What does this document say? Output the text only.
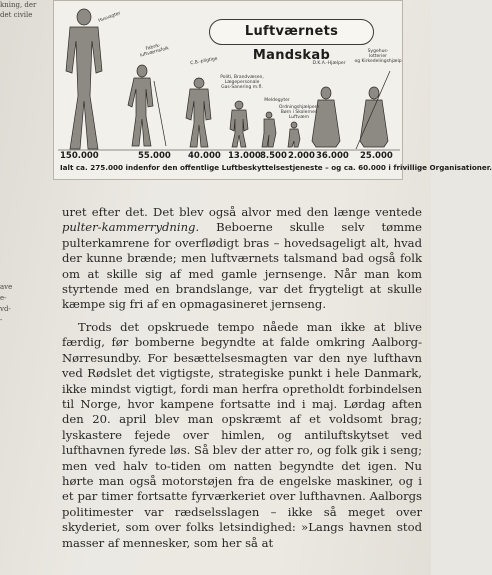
kning, der
det civile
ave
e-
vd-
-
Luftværnets Mandskab
Husvagter
Fabrik-
luftværnsfolk
C.B.-pligtige
Politi, Brandvæsen,
Lægepersonale
Gas-Sanering m.fl.
Meldegyter
Ordningshjælpere
Børn i Skolernes
Luftværn
D.K.A.-Hjælper
Sygehus-
lotterier
og Kirkedelingshjælp
150.000	55.000 40.000 13.000 8.500 2.000 36.000 25.000
Ialt ca. 275.000 indenfor den offentlige Luftbeskyttelsestjeneste – og ca. 60.000 i frivillige Organisationer.

uret efter det. Det blev også alvor med den længe ventede pulter-kammerrydning. Beboerne skulle selv tømme pulterkamrene for overflødigt bras – hovedsageligt alt, hvad der kunne brænde; men luftværnets talsmand bad også folk om at skille sig af med gamle jernsenge. Når man kom styrtende med en brandslange, var det frygteligt at skulle kæmpe sig fri af en opmagasineret jernseng.

Trods det opskruede tempo nåede man ikke at blive færdig, før bomberne begyndte at falde omkring Aalborg-Nørresundby. For besættelsesmagten var den nye lufthavn ved Rødslet det vigtigste, strategiske punkt i hele Danmark, ikke mindst vigtigt, fordi man herfra opretholdt forbindelsen til Norge, hvor kampene fortsatte ind i maj. Lørdag aften den 20. april blev man opskræmt af et voldsomt brag; lyskastere fejede over himlen, og antiluftskytset ved lufthavnen fyrede løs. Så blev der atter ro, og folk gik i seng; men ved halv to-tiden om natten begyndte det igen. Nu hørte man også motorstøjen fra de engelske maskiner, og i et par timer fortsatte fyrværkeriet over lufthavnen. Aalborgs politimester var rædselsslagen – ikke så meget over skyderiet, som over folks letsindighed: »Langs havnen stod masser af mennesker, som her så at
